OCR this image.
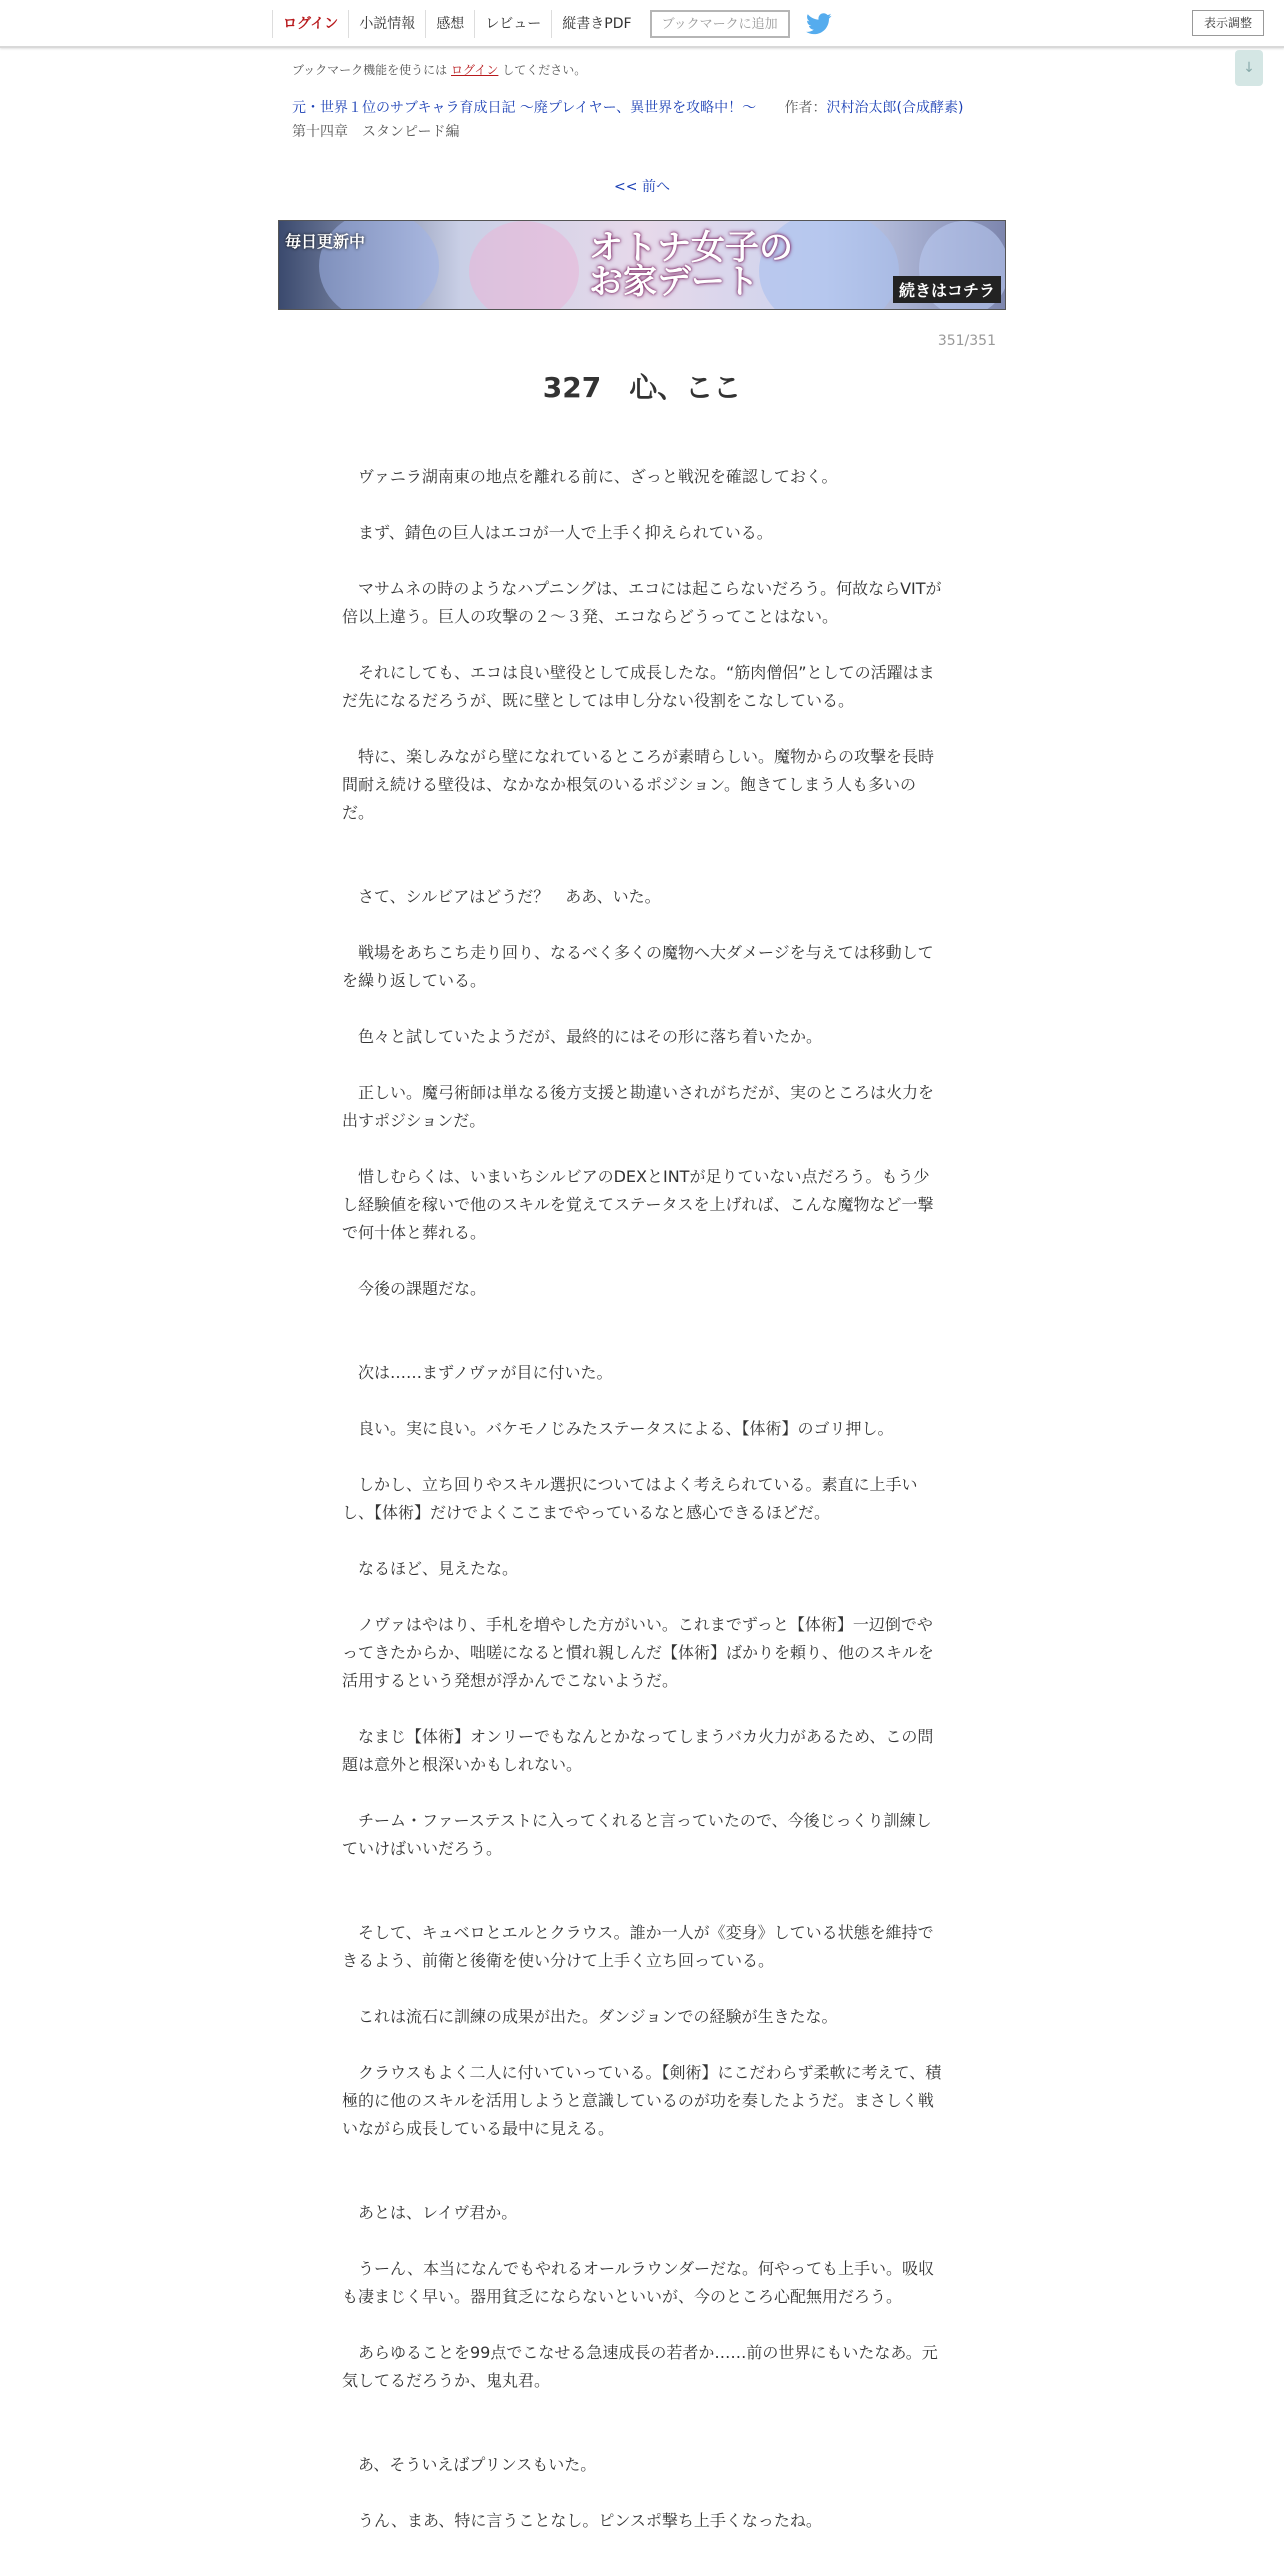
ログイン	小説情報	感想	レビュー	縦書きPDF	ブックマークに追加	表示調整
↓
ブックマーク機能を使うには ログイン してください。
元・世界１位のサブキャラ育成日記 ～廃プレイヤー、異世界を攻略中！～ 作者：沢村治太郎(合成酵素)
第十四章　スタンピード編
<< 前へ
毎日更新中	オトナ女子の
お家デート	続きはコチラ
351/351
327　心、ここ

　ヴァニラ湖南東の地点を離れる前に、ざっと戦況を確認しておく。

　まず、錆色の巨人はエコが一人で上手く抑えられている。

　マサムネの時のようなハプニングは、エコには起こらないだろう。何故ならVITが倍以上違う。巨人の攻撃の２～３発、エコならどうってことはない。

　それにしても、エコは良い壁役として成長したな。“筋肉僧侶”としての活躍はまだ先になるだろうが、既に壁としては申し分ない役割をこなしている。

　特に、楽しみながら壁になれているところが素晴らしい。魔物からの攻撃を長時間耐え続ける壁役は、なかなか根気のいるポジション。飽きてしまう人も多いのだ。

　さて、シルビアはどうだ？　ああ、いた。

　戦場をあちこち走り回り、なるべく多くの魔物へ大ダメージを与えては移動してを繰り返している。

　色々と試していたようだが、最終的にはその形に落ち着いたか。

　正しい。魔弓術師は単なる後方支援と勘違いされがちだが、実のところは火力を出すポジションだ。

　惜しむらくは、いまいちシルビアのDEXとINTが足りていない点だろう。もう少し経験値を稼いで他のスキルを覚えてステータスを上げれば、こんな魔物など一撃で何十体と葬れる。

　今後の課題だな。

　次は……まずノヴァが目に付いた。

　良い。実に良い。バケモノじみたステータスによる、【体術】のゴリ押し。

　しかし、立ち回りやスキル選択についてはよく考えられている。素直に上手いし、【体術】だけでよくここまでやっているなと感心できるほどだ。

　なるほど、見えたな。

　ノヴァはやはり、手札を増やした方がいい。これまでずっと【体術】一辺倒でやってきたからか、咄嗟になると慣れ親しんだ【体術】ばかりを頼り、他のスキルを活用するという発想が浮かんでこないようだ。

　なまじ【体術】オンリーでもなんとかなってしまうバカ火力があるため、この問題は意外と根深いかもしれない。

　チーム・ファーステストに入ってくれると言っていたので、今後じっくり訓練していけばいいだろう。

　そして、キュベロとエルとクラウス。誰か一人が《変身》している状態を維持できるよう、前衛と後衛を使い分けて上手く立ち回っている。

　これは流石に訓練の成果が出た。ダンジョンでの経験が生きたな。

　クラウスもよく二人に付いていっている。【剣術】にこだわらず柔軟に考えて、積極的に他のスキルを活用しようと意識しているのが功を奏したようだ。まさしく戦いながら成長している最中に見える。

　あとは、レイヴ君か。

　うーん、本当になんでもやれるオールラウンダーだな。何やっても上手い。吸収も凄まじく早い。器用貧乏にならないといいが、今のところ心配無用だろう。

　あらゆることを99点でこなせる急速成長の若者か……前の世界にもいたなあ。元気してるだろうか、鬼丸君。

　あ、そういえばプリンスもいた。

　うん、まあ、特に言うことなし。ピンスポ撃ち上手くなったね。
